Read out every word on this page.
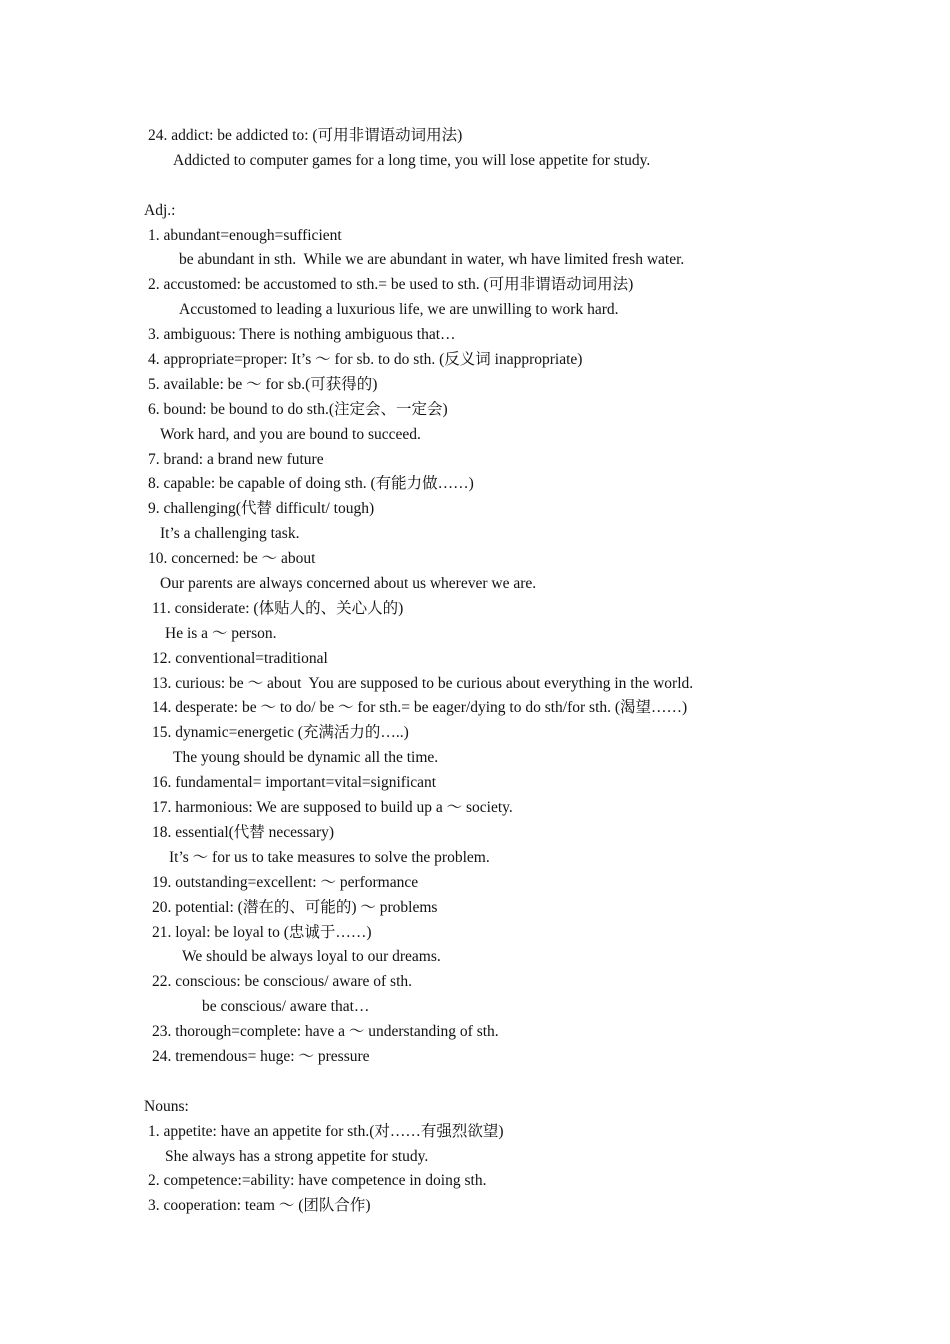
24. addict: be addicted to: (可用非谓语动词用法)
Addicted to computer games for a long time, you will lose appetite for study.
Adj.:
1. abundant=enough=sufficient
be abundant in sth.  While we are abundant in water, wh have limited fresh water.
2. accustomed: be accustomed to sth.= be used to sth. (可用非谓语动词用法)
Accustomed to leading a luxurious life, we are unwilling to work hard.
3. ambiguous: There is nothing ambiguous that…
4. appropriate=proper: It’s ～ for sb. to do sth. (反义词 inappropriate)
5. available: be ～ for sb.(可获得的)
6. bound: be bound to do sth.(注定会、一定会)
Work hard, and you are bound to succeed.
7. brand: a brand new future
8. capable: be capable of doing sth. (有能力做……)
9. challenging(代替 difficult/ tough)
It’s a challenging task.
10. concerned: be ～ about
Our parents are always concerned about us wherever we are.
11. considerate: (体贴人的、关心人的)
He is a ～ person.
12. conventional=traditional
13. curious: be ～ about  You are supposed to be curious about everything in the world.
14. desperate: be ～ to do/ be ～ for sth.= be eager/dying to do sth/for sth. (渴望……)
15. dynamic=energetic (充满活力的…..)
The young should be dynamic all the time.
16. fundamental= important=vital=significant
17. harmonious: We are supposed to build up a ～ society.
18. essential(代替 necessary)
It’s ～ for us to take measures to solve the problem.
19. outstanding=excellent: ～ performance
20. potential: (潜在的、可能的) ～ problems
21. loyal: be loyal to (忠诚于……)
We should be always loyal to our dreams.
22. conscious: be conscious/ aware of sth.
be conscious/ aware that…
23. thorough=complete: have a ～ understanding of sth.
24. tremendous= huge: ～ pressure
Nouns:
1. appetite: have an appetite for sth.(对……有强烈欲望)
She always has a strong appetite for study.
2. competence:=ability: have competence in doing sth.
3. cooperation: team ～ (团队合作)
